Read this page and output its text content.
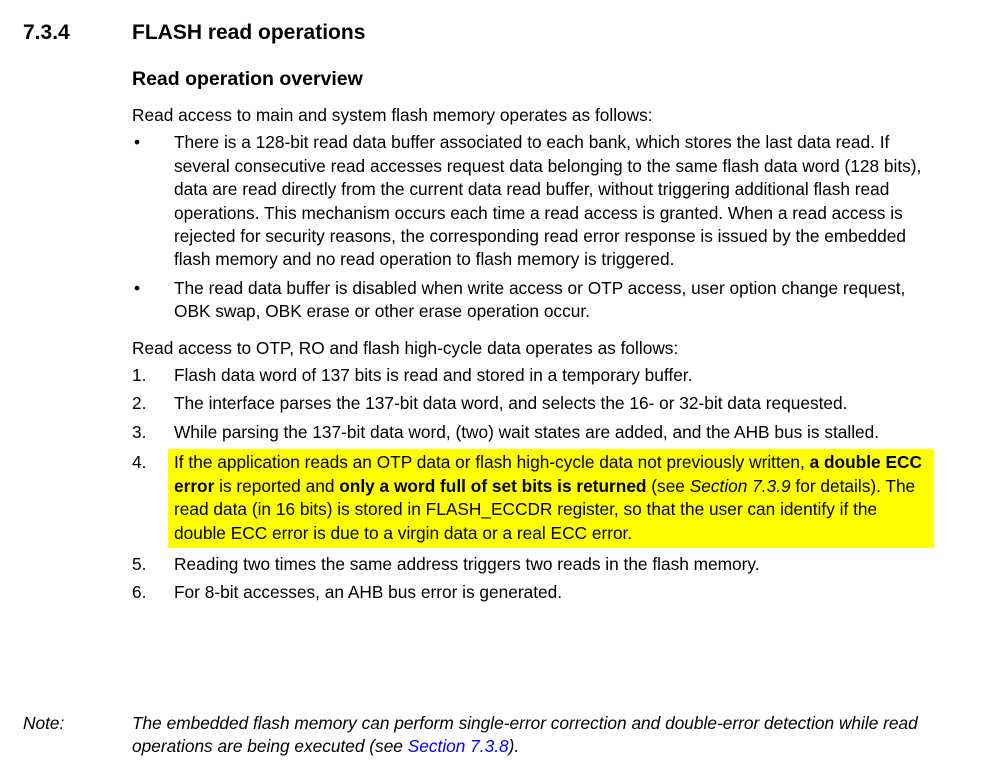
7.3.4	FLASH read operations
Read operation overview

Read access to main and system flash memory operates as follows:

• There is a 128-bit read data buffer associated to each bank, which stores the last data read. If several consecutive read accesses request data belonging to the same flash data word (128 bits), data are read directly from the current data read buffer, without triggering additional flash read operations. This mechanism occurs each time a read access is granted. When a read access is rejected for security reasons, the corresponding read error response is issued by the embedded flash memory and no read operation to flash memory is triggered.
• The read data buffer is disabled when write access or OTP access, user option change request, OBK swap, OBK erase or other erase operation occur.

Read access to OTP, RO and flash high-cycle data operates as follows:

1. Flash data word of 137 bits is read and stored in a temporary buffer.
2. The interface parses the 137-bit data word, and selects the 16- or 32-bit data requested.
3. While parsing the 137-bit data word, (two) wait states are added, and the AHB bus is stalled.
4. If the application reads an OTP data or flash high-cycle data not previously written, a double ECC error is reported and only a word full of set bits is returned (see Section 7.3.9 for details). The read data (in 16 bits) is stored in FLASH_ECCDR register, so that the user can identify if the double ECC error is due to a virgin data or a real ECC error.
5. Reading two times the same address triggers two reads in the flash memory.
6. For 8-bit accesses, an AHB bus error is generated.
Note:	The embedded flash memory can perform single-error correction and double-error detection while read operations are being executed (see Section 7.3.8).
